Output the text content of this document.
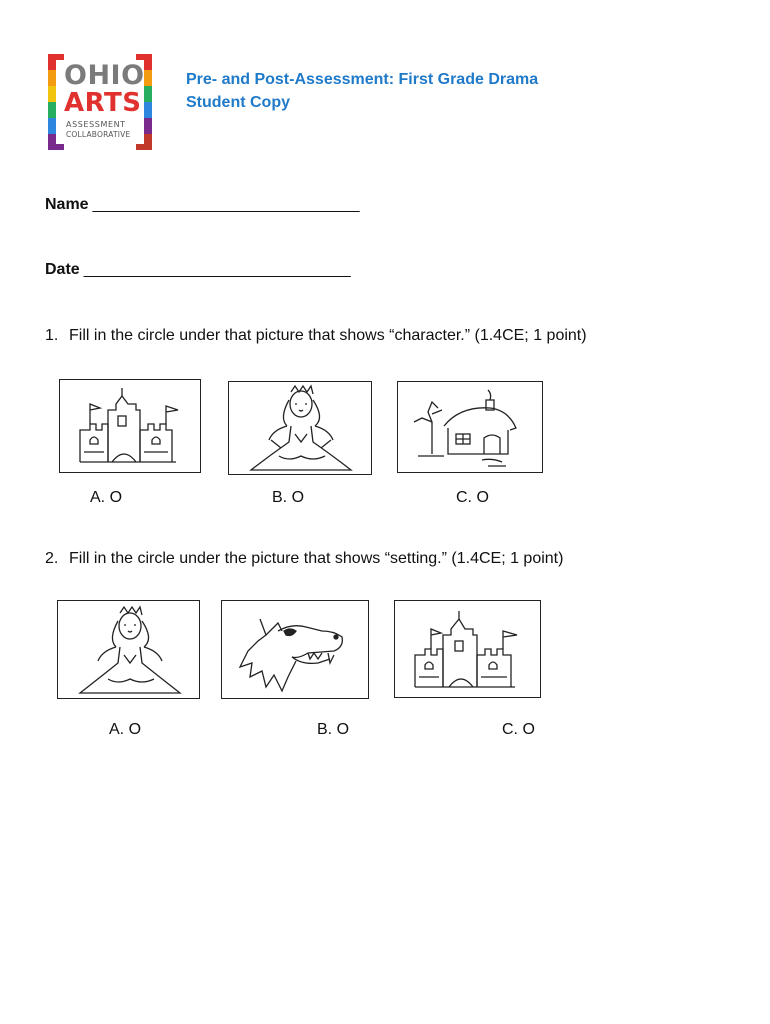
OHIO
ARTS
ASSESSMENT
COLLABORATIVE
Pre- and Post-Assessment: First Grade Drama
Student Copy
Name ______________________________
Date ______________________________
1. Fill in the circle under that picture that shows “character.” (1.4CE; 1 point)
A. O	B. O	C. O
2. Fill in the circle under the picture that shows “setting.” (1.4CE; 1 point)
A. O	B. O	C. O
